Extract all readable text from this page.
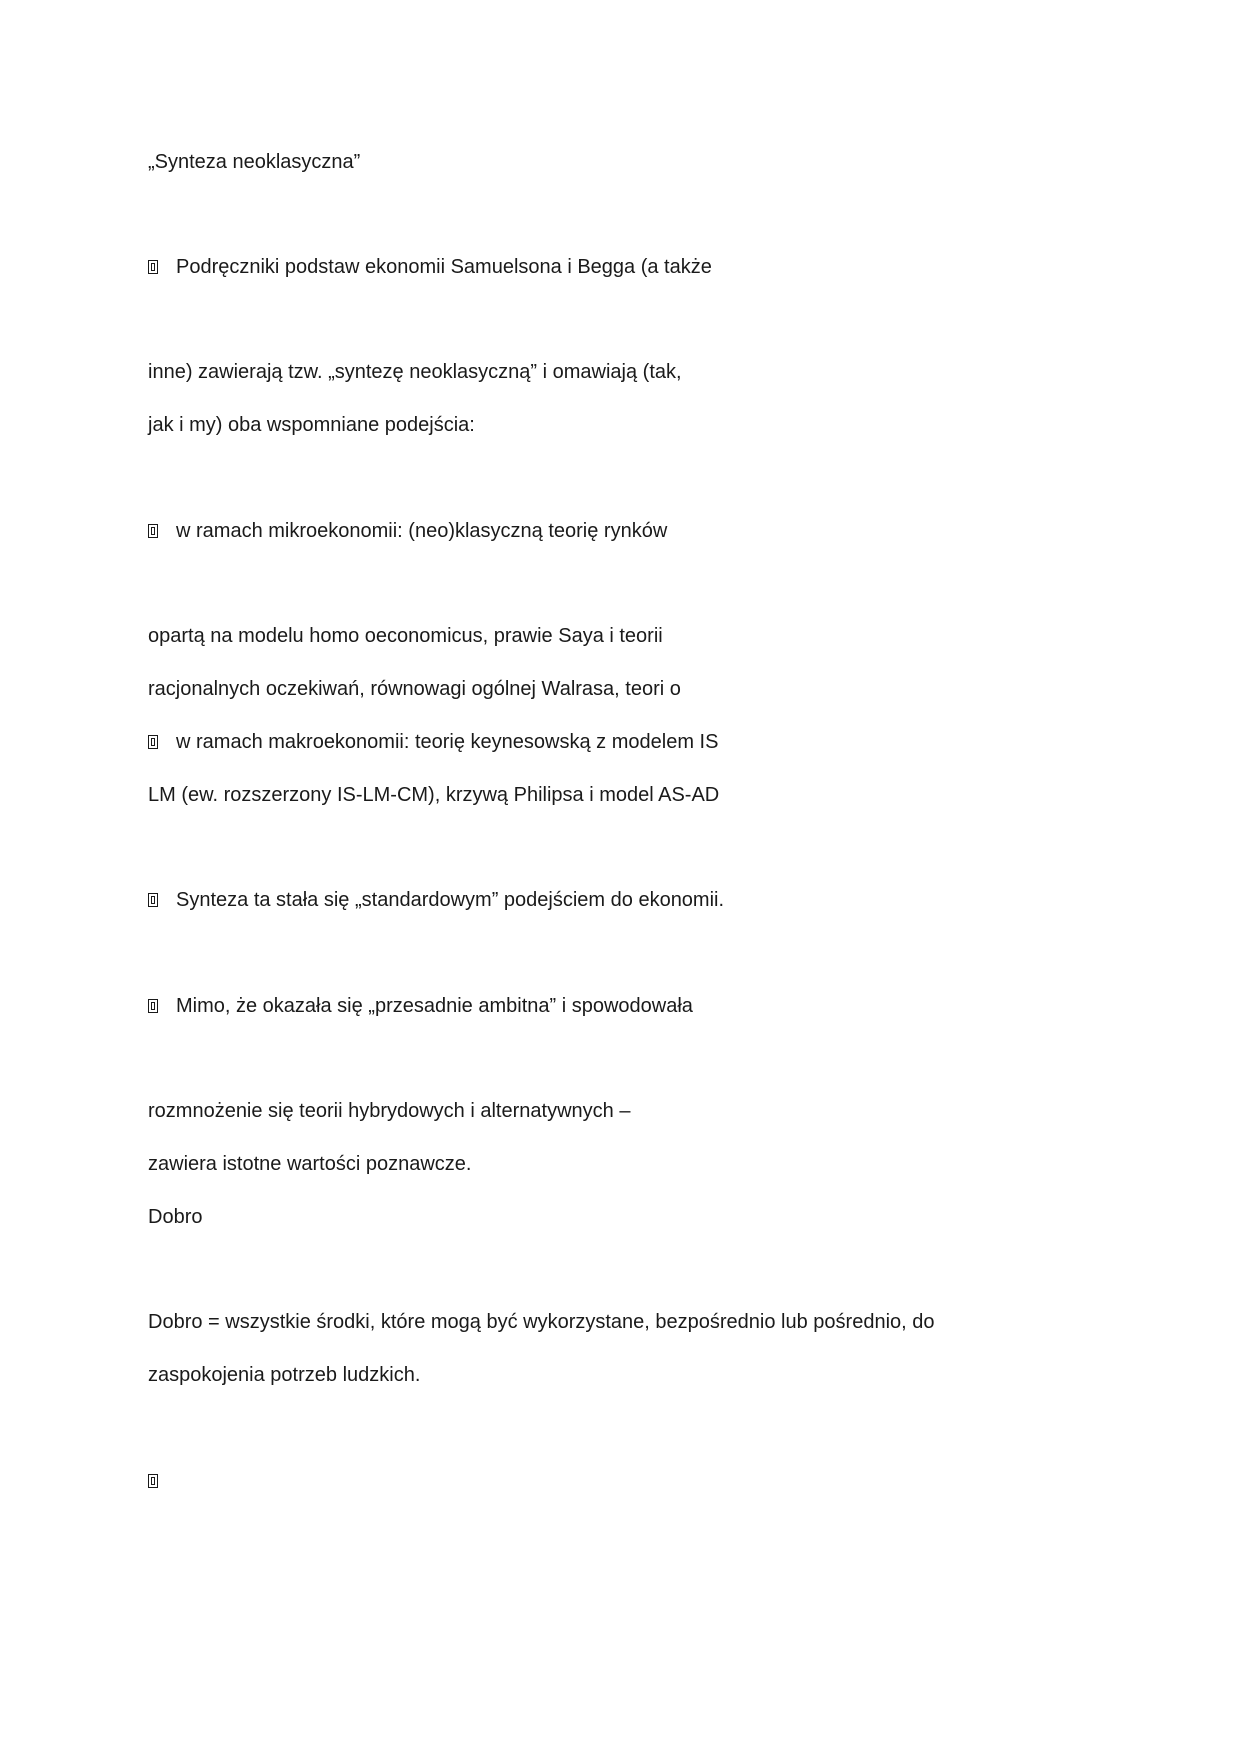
„Synteza neoklasyczna”
Podręczniki podstaw ekonomii Samuelsona i Begga (a także
inne) zawierają tzw. „syntezę neoklasyczną” i omawiają (tak,
jak i my) oba wspomniane podejścia:
w ramach mikroekonomii: (neo)klasyczną teorię rynków
opartą na modelu homo oeconomicus, prawie Saya i teorii
racjonalnych oczekiwań, równowagi ogólnej Walrasa, teori o
w ramach makroekonomii: teorię keynesowską z modelem IS
LM (ew. rozszerzony IS-LM-CM), krzywą Philipsa i model AS-AD
Synteza ta stała się „standardowym” podejściem do ekonomii.
Mimo, że okazała się „przesadnie ambitna” i spowodowała
rozmnożenie się teorii hybrydowych i alternatywnych –
zawiera istotne wartości poznawcze.
Dobro
Dobro = wszystkie środki, które mogą być wykorzystane, bezpośrednio lub pośrednio, do
zaspokojenia potrzeb ludzkich.
